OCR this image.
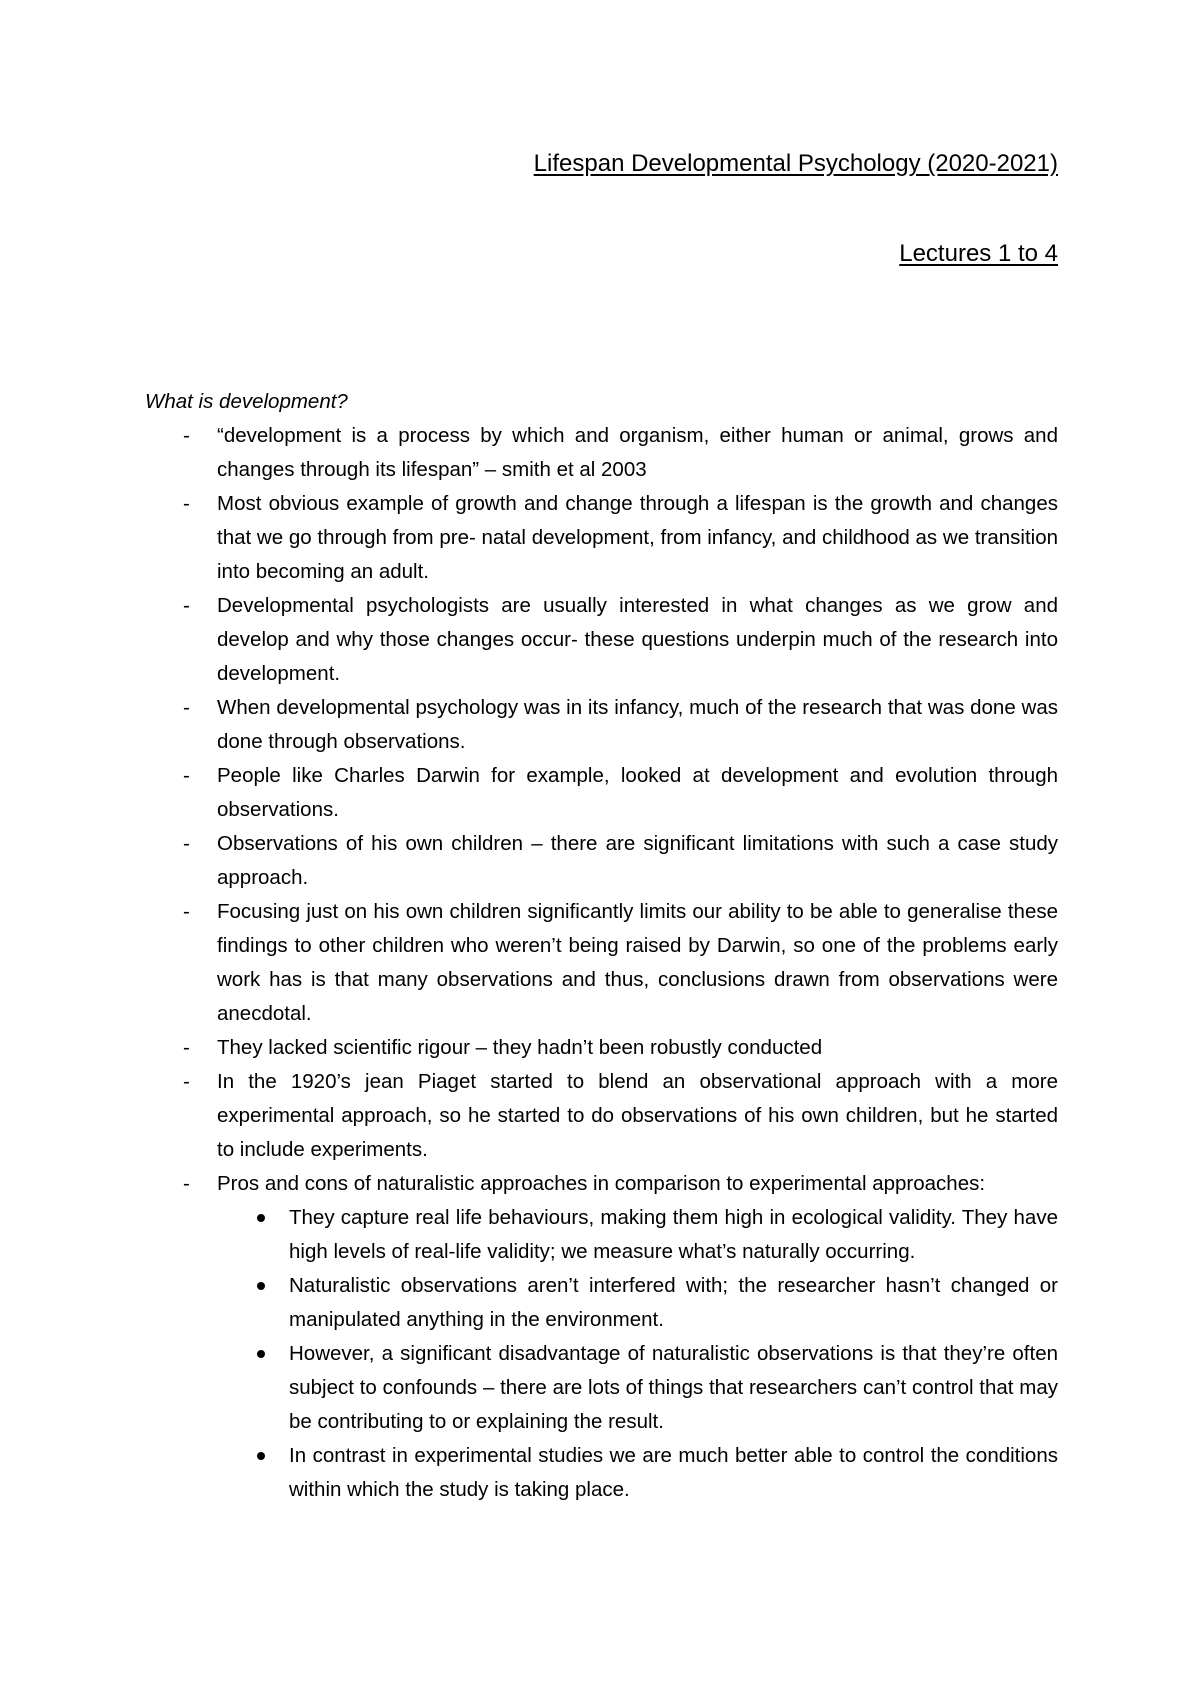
Lifespan Developmental Psychology (2020-2021)
Lectures 1 to 4

What is development?

- “development is a process by which and organism, either human or animal, grows and changes through its lifespan” – smith et al 2003
- Most obvious example of growth and change through a lifespan is the growth and changes that we go through from pre- natal development, from infancy, and childhood as we transition into becoming an adult.
- Developmental psychologists are usually interested in what changes as we grow and develop and why those changes occur- these questions underpin much of the research into development.
- When developmental psychology was in its infancy, much of the research that was done was done through observations.
- People like Charles Darwin for example, looked at development and evolution through observations.
- Observations of his own children – there are significant limitations with such a case study approach.
- Focusing just on his own children significantly limits our ability to be able to generalise these findings to other children who weren’t being raised by Darwin, so one of the problems early work has is that many observations and thus, conclusions drawn from observations were anecdotal.
- They lacked scientific rigour – they hadn’t been robustly conducted
- In the 1920’s jean Piaget started to blend an observational approach with a more experimental approach, so he started to do observations of his own children, but he started to include experiments.
- Pros and cons of naturalistic approaches in comparison to experimental approaches:
They capture real life behaviours, making them high in ecological validity. They have high levels of real-life validity; we measure what’s naturally occurring.
Naturalistic observations aren’t interfered with; the researcher hasn’t changed or manipulated anything in the environment.
However, a significant disadvantage of naturalistic observations is that they’re often subject to confounds – there are lots of things that researchers can’t control that may be contributing to or explaining the result.
In contrast in experimental studies we are much better able to control the conditions within which the study is taking place.
